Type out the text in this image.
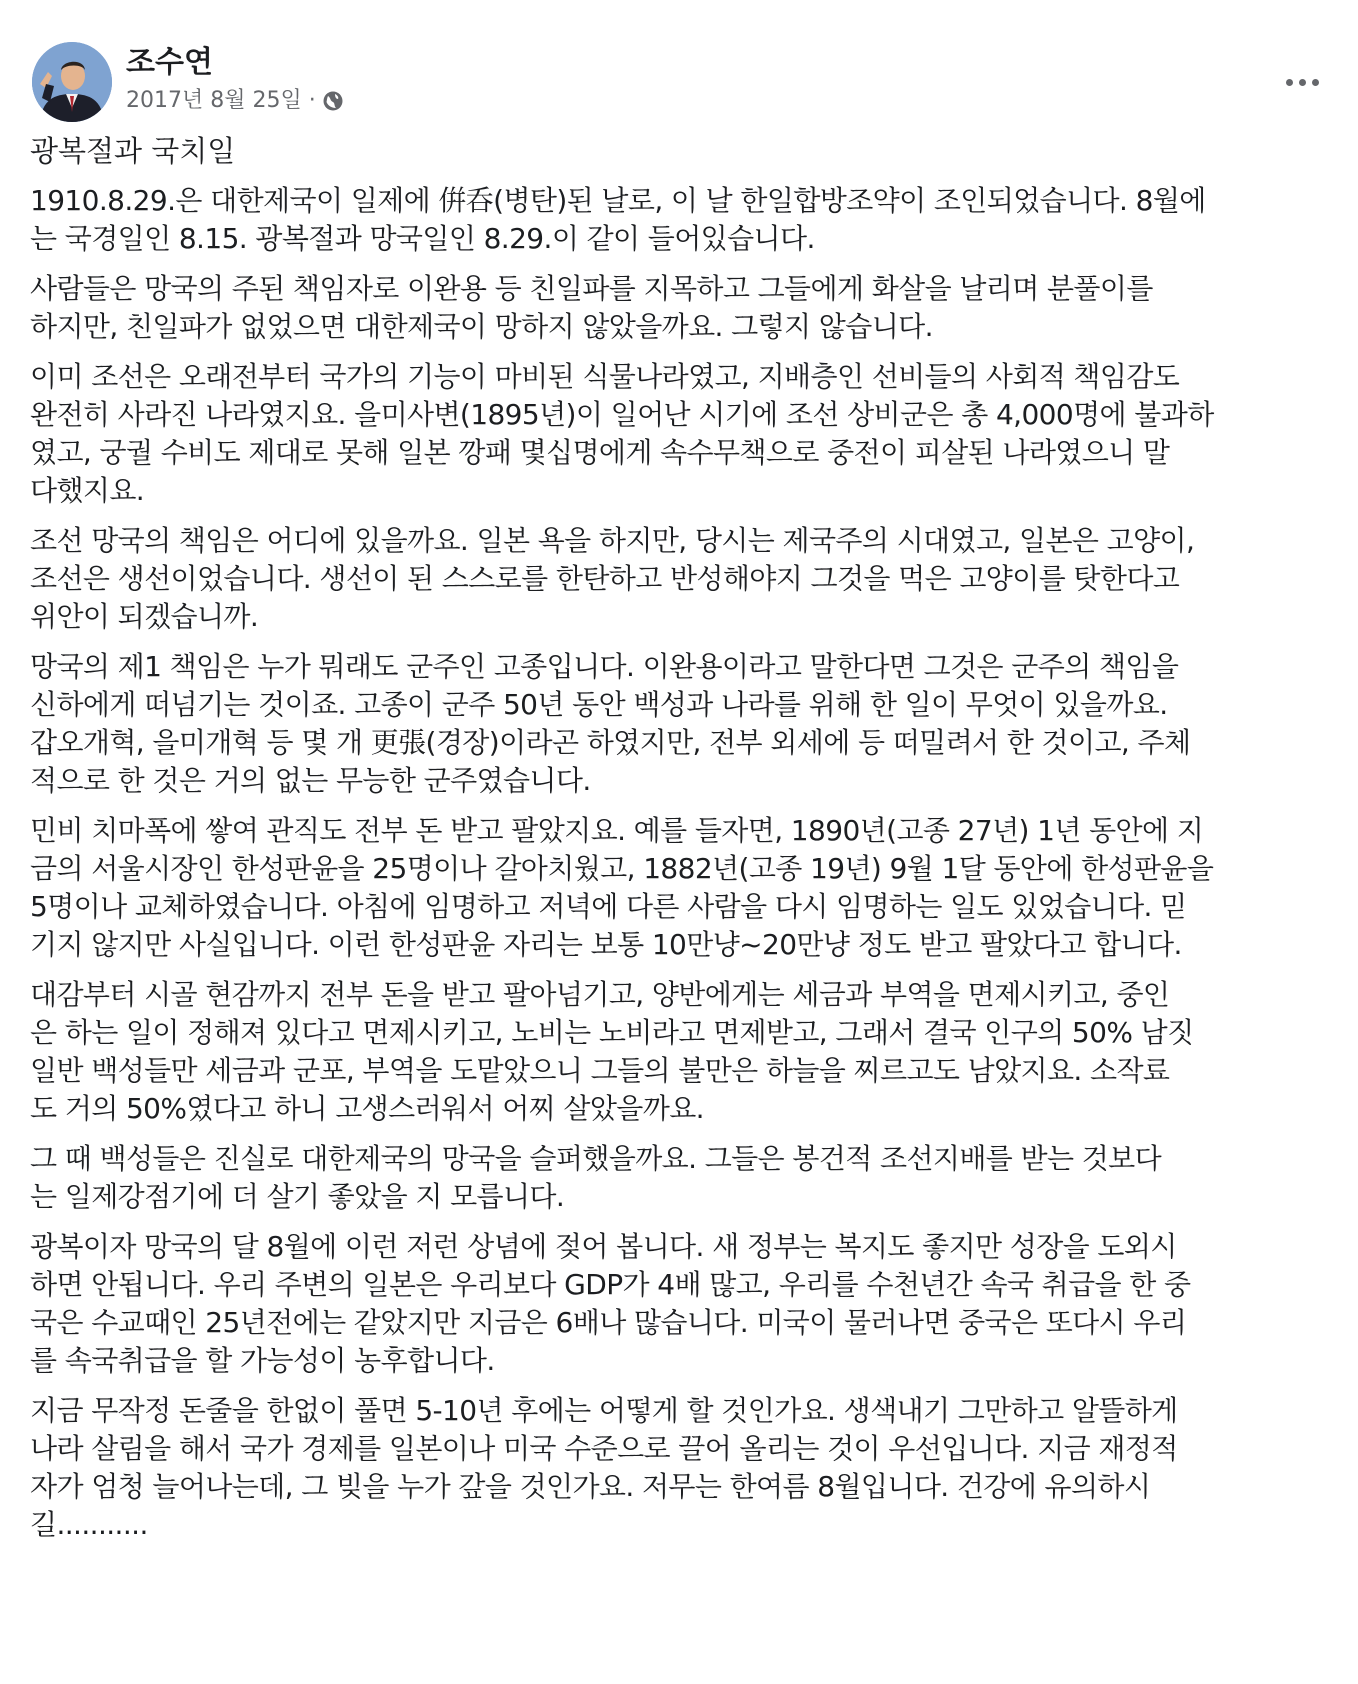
조수연
2017년 8월 25일 ·
광복절과 국치일

1910.8.29.은 대한제국이 일제에 倂呑(병탄)된 날로, 이 날 한일합방조약이 조인되었습니다. 8월에
는 국경일인 8.15. 광복절과 망국일인 8.29.이 같이 들어있습니다.

사람들은 망국의 주된 책임자로 이완용 등 친일파를 지목하고 그들에게 화살을 날리며 분풀이를
하지만, 친일파가 없었으면 대한제국이 망하지 않았을까요. 그렇지 않습니다.

이미 조선은 오래전부터 국가의 기능이 마비된 식물나라였고, 지배층인 선비들의 사회적 책임감도
완전히 사라진 나라였지요. 을미사변(1895년)이 일어난 시기에 조선 상비군은 총 4,000명에 불과하
였고, 궁궐 수비도 제대로 못해 일본 깡패 몇십명에게 속수무책으로 중전이 피살된 나라였으니 말
다했지요.

조선 망국의 책임은 어디에 있을까요. 일본 욕을 하지만, 당시는 제국주의 시대였고, 일본은 고양이,
조선은 생선이었습니다. 생선이 된 스스로를 한탄하고 반성해야지 그것을 먹은 고양이를 탓한다고
위안이 되겠습니까.

망국의 제1 책임은 누가 뭐래도 군주인 고종입니다. 이완용이라고 말한다면 그것은 군주의 책임을
신하에게 떠넘기는 것이죠. 고종이 군주 50년 동안 백성과 나라를 위해 한 일이 무엇이 있을까요.
갑오개혁, 을미개혁 등 몇 개 更張(경장)이라곤 하였지만, 전부 외세에 등 떠밀려서 한 것이고, 주체
적으로 한 것은 거의 없는 무능한 군주였습니다.

민비 치마폭에 쌓여 관직도 전부 돈 받고 팔았지요. 예를 들자면, 1890년(고종 27년) 1년 동안에 지
금의 서울시장인 한성판윤을 25명이나 갈아치웠고, 1882년(고종 19년) 9월 1달 동안에 한성판윤을
5명이나 교체하였습니다. 아침에 임명하고 저녁에 다른 사람을 다시 임명하는 일도 있었습니다. 믿
기지 않지만 사실입니다. 이런 한성판윤 자리는 보통 10만냥~20만냥 정도 받고 팔았다고 합니다.

대감부터 시골 현감까지 전부 돈을 받고 팔아넘기고, 양반에게는 세금과 부역을 면제시키고, 중인
은 하는 일이 정해져 있다고 면제시키고, 노비는 노비라고 면제받고, 그래서 결국 인구의 50% 남짓
일반 백성들만 세금과 군포, 부역을 도맡았으니 그들의 불만은 하늘을 찌르고도 남았지요. 소작료
도 거의 50%였다고 하니 고생스러워서 어찌 살았을까요.

그 때 백성들은 진실로 대한제국의 망국을 슬퍼했을까요. 그들은 봉건적 조선지배를 받는 것보다
는 일제강점기에 더 살기 좋았을 지 모릅니다.

광복이자 망국의 달 8월에 이런 저런 상념에 젖어 봅니다. 새 정부는 복지도 좋지만 성장을 도외시
하면 안됩니다. 우리 주변의 일본은 우리보다 GDP가 4배 많고, 우리를 수천년간 속국 취급을 한 중
국은 수교때인 25년전에는 같았지만 지금은 6배나 많습니다. 미국이 물러나면 중국은 또다시 우리
를 속국취급을 할 가능성이 농후합니다.

지금 무작정 돈줄을 한없이 풀면 5-10년 후에는 어떻게 할 것인가요. 생색내기 그만하고 알뜰하게
나라 살림을 해서 국가 경제를 일본이나 미국 수준으로 끌어 올리는 것이 우선입니다. 지금 재정적
자가 엄청 늘어나는데, 그 빚을 누가 갚을 것인가요. 저무는 한여름 8월입니다. 건강에 유의하시
길...........
